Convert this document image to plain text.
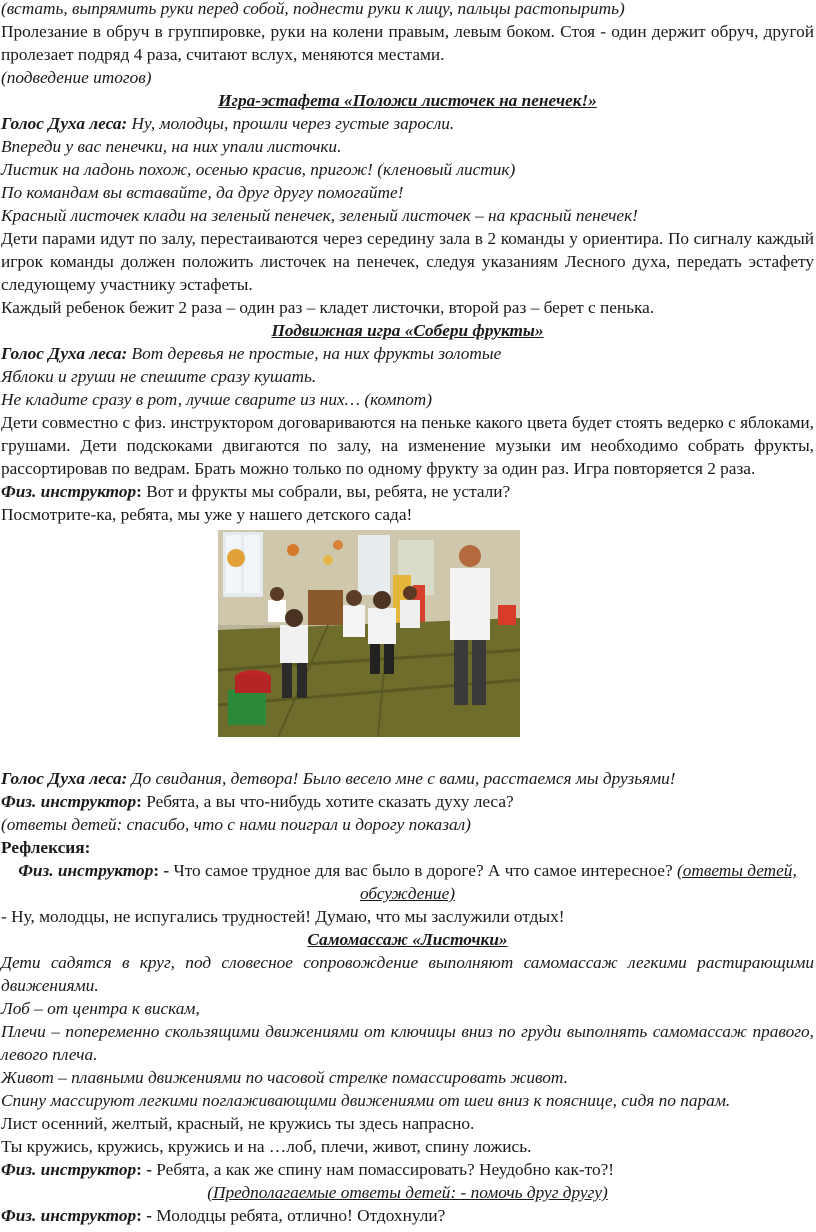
(встать, выпрямить руки перед собой, поднести руки к лицу, пальцы растопырить)

Пролезание в обруч в группировке, руки на колени правым, левым боком. Стоя - один держит обруч, другой пролезает подряд 4 раза, считают вслух, меняются местами.

(подведение итогов)

Игра-эстафета «Положи листочек на пенечек!»

Голос Духа леса: Ну, молодцы, прошли через густые заросли.

Впереди у вас пенечки, на них упали листочки.

Листик на ладонь похож, осенью красив, пригож! (кленовый листик)

По командам вы вставайте, да друг другу помогайте!

Красный листочек клади на зеленый пенечек, зеленый листочек – на красный пенечек!

Дети парами идут по залу, перестаиваются через середину зала в 2 команды у ориентира. По сигналу каждый игрок команды должен положить листочек на пенечек, следуя указаниям Лесного духа, передать эстафету следующему участнику эстафеты.

Каждый ребенок бежит 2 раза – один раз – кладет листочки, второй раз – берет с пенька.

Подвижная игра «Собери фрукты»

Голос Духа леса: Вот деревья не простые, на них фрукты золотые

Яблоки и груши не спешите сразу кушать.

Не кладите сразу в рот, лучше сварите из них… (компот)

Дети совместно с физ. инструктором договариваются на пеньке какого цвета будет стоять ведерко с яблоками, грушами. Дети подскоками двигаются по залу, на изменение музыки им необходимо собрать фрукты, рассортировав по ведрам. Брать можно только по одному фрукту за один раз. Игра повторяется 2 раза.

Физ. инструктор: Вот и фрукты мы собрали, вы, ребята, не устали?

Посмотрите-ка, ребята, мы уже у нашего детского сада!

Голос Духа леса: До свидания, детвора! Было весело мне с вами, расстаемся мы друзьями!

Физ. инструктор: Ребята, а вы что-нибудь хотите сказать духу леса?

(ответы детей: спасибо, что с нами поиграл и дорогу показал)

Рефлексия:

Физ. инструктор: - Что самое трудное для вас было в дороге? А что самое интересное? (ответы детей, обсуждение)

- Ну, молодцы, не испугались трудностей! Думаю, что мы заслужили отдых!

Самомассаж «Листочки»

Дети садятся в круг, под словесное сопровождение выполняют самомассаж легкими растирающими движениями.

Лоб – от центра к вискам,

Плечи – попеременно скользящими движениями от ключицы вниз по груди выполнять самомассаж правого, левого плеча.

Живот – плавными движениями по часовой стрелке помассировать живот.

Спину массируют легкими поглаживающими движениями от шеи вниз к пояснице, сидя по парам.

Лист осенний, желтый, красный, не кружись ты здесь напрасно.

Ты кружись, кружись, кружись и на …лоб, плечи, живот, спину ложись.

Физ. инструктор: - Ребята, а как же спину нам помассировать? Неудобно как-то?!

(Предполагаемые ответы детей: - помочь друг другу)

Физ. инструктор: - Молодцы ребята, отлично! Отдохнули?
